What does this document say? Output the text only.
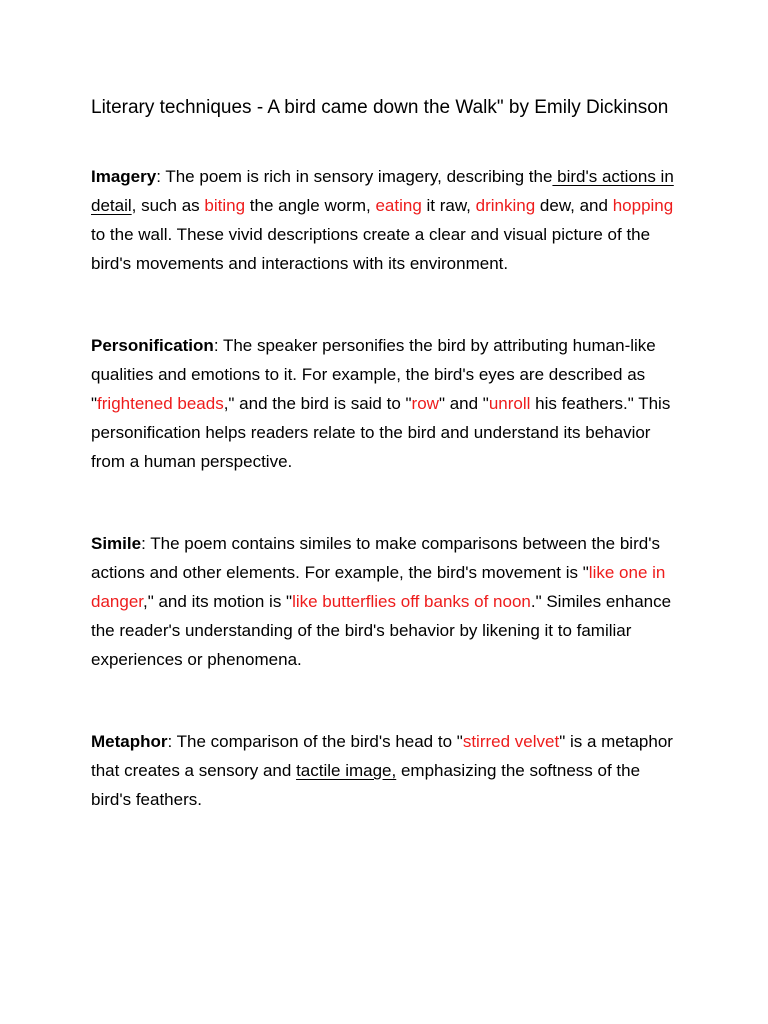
Literary techniques - A bird came down the Walk" by Emily Dickinson

Imagery: The poem is rich in sensory imagery, describing the bird's actions in detail, such as biting the angle worm, eating it raw, drinking dew, and hopping to the wall. These vivid descriptions create a clear and visual picture of the bird's movements and interactions with its environment.

Personification: The speaker personifies the bird by attributing human-like qualities and emotions to it. For example, the bird's eyes are described as "frightened beads," and the bird is said to "row" and "unroll his feathers." This personification helps readers relate to the bird and understand its behavior from a human perspective.

Simile: The poem contains similes to make comparisons between the bird's actions and other elements. For example, the bird's movement is "like one in danger," and its motion is "like butterflies off banks of noon." Similes enhance the reader's understanding of the bird's behavior by likening it to familiar experiences or phenomena.

Metaphor: The comparison of the bird's head to "stirred velvet" is a metaphor that creates a sensory and tactile image, emphasizing the softness of the bird's feathers.
